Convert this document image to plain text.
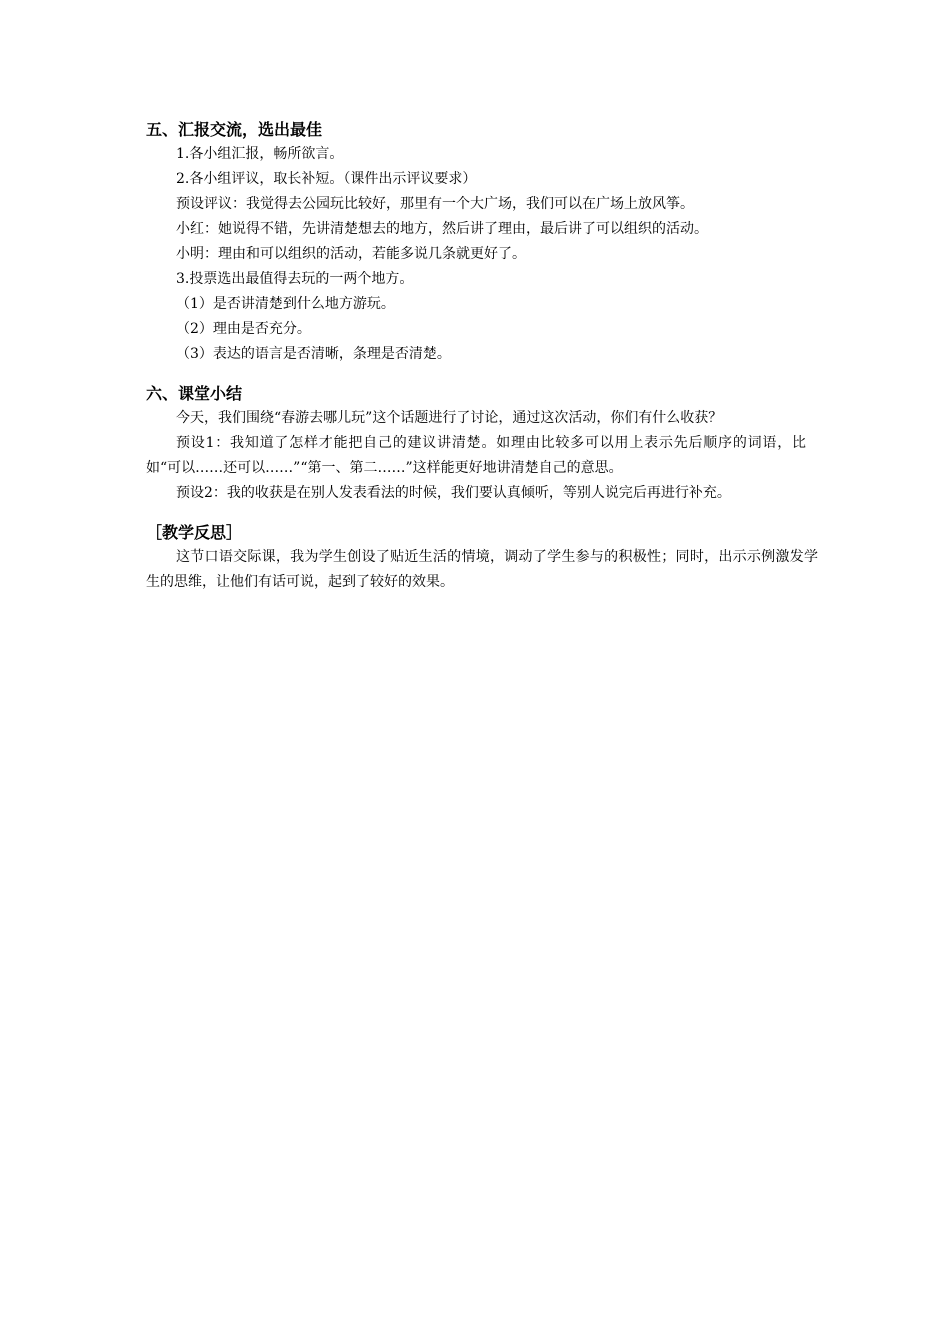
五、汇报交流，选出最佳

1.各小组汇报，畅所欲言。

2.各小组评议，取长补短。（课件出示评议要求）

预设评议：我觉得去公园玩比较好，那里有一个大广场，我们可以在广场上放风筝。

小红：她说得不错，先讲清楚想去的地方，然后讲了理由，最后讲了可以组织的活动。

小明：理由和可以组织的活动，若能多说几条就更好了。

3.投票选出最值得去玩的一两个地方。

（1）是否讲清楚到什么地方游玩。

（2）理由是否充分。

（3）表达的语言是否清晰，条理是否清楚。

六、课堂小结

今天，我们围绕“春游去哪儿玩”这个话题进行了讨论，通过这次活动，你们有什么收获？

预设1：我知道了怎样才能把自己的建议讲清楚。如理由比较多可以用上表示先后顺序的词语，比如“可以……还可以……”“第一、第二……”这样能更好地讲清楚自己的意思。

预设2：我的收获是在别人发表看法的时候，我们要认真倾听，等别人说完后再进行补充。

［教学反思］

这节口语交际课，我为学生创设了贴近生活的情境，调动了学生参与的积极性；同时，出示示例激发学生的思维，让他们有话可说，起到了较好的效果。
